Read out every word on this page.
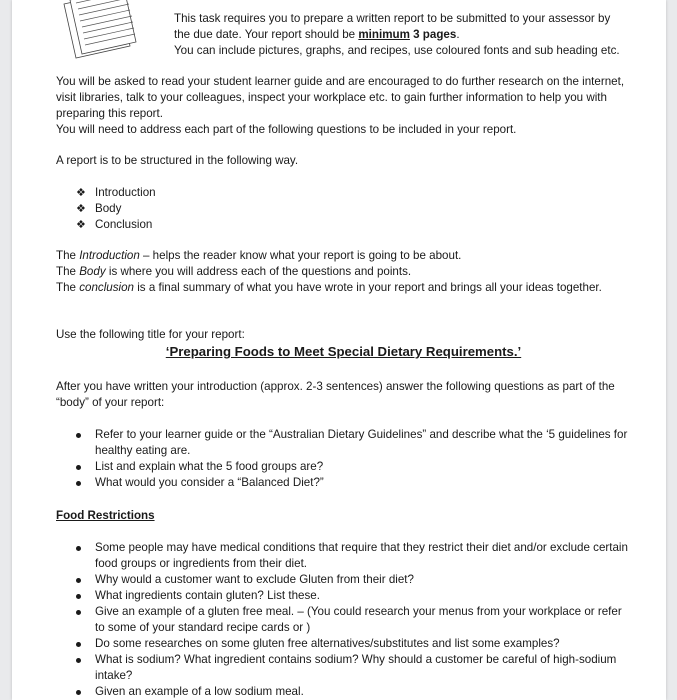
This task requires you to prepare a written report to be submitted to your assessor by the due date. Your report should be minimum 3 pages.

You can include pictures, graphs, and recipes, use coloured fonts and sub heading etc.

You will be asked to read your student learner guide and are encouraged to do further research on the internet, visit libraries, talk to your colleagues, inspect your workplace etc. to gain further information to help you with preparing this report.

You will need to address each part of the following questions to be included in your report.

A report is to be structured in the following way.

❖ Introduction
❖ Body
❖ Conclusion

The Introduction – helps the reader know what your report is going to be about.

The Body is where you will address each of the questions and points.

The conclusion is a final summary of what you have wrote in your report and brings all your ideas together.

Use the following title for your report:

‘Preparing Foods to Meet Special Dietary Requirements.’

After you have written your introduction (approx. 2-3 sentences) answer the following questions as part of the “body” of your report:

Refer to your learner guide or the “Australian Dietary Guidelines” and describe what the ‘5 guidelines for healthy eating are.
List and explain what the 5 food groups are?
What would you consider a “Balanced Diet?”

Food Restrictions

Some people may have medical conditions that require that they restrict their diet and/or exclude certain food groups or ingredients from their diet.
Why would a customer want to exclude Gluten from their diet?
What ingredients contain gluten? List these.
Give an example of a gluten free meal. – (You could research your menus from your workplace or refer to some of your standard recipe cards or )
Do some researches on some gluten free alternatives/substitutes and list some examples?
What is sodium? What ingredient contains sodium? Why should a customer be careful of high-sodium intake?
Given an example of a low sodium meal.
